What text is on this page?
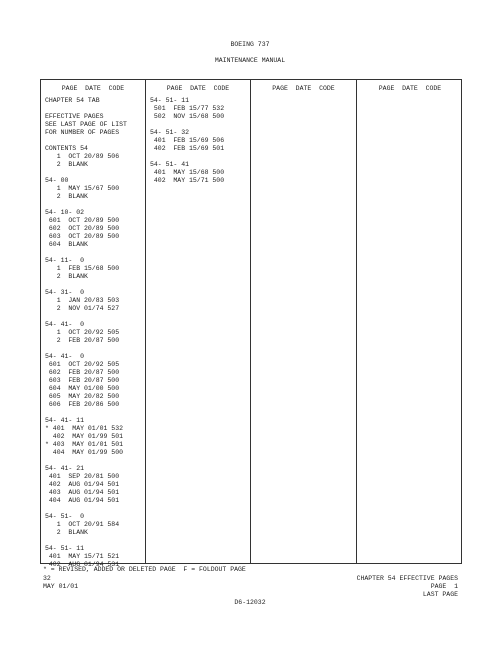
BOEING 737
MAINTENANCE MANUAL
PAGE  DATE  CODE
CHAPTER 54 TAB
EFFECTIVE PAGES
SEE LAST PAGE OF LIST
FOR NUMBER OF PAGES
CONTENTS 54
1  OCT 20/89 506
2  BLANK
54- 00
1  MAY 15/67 500
2  BLANK
54- 10- 02
601  OCT 20/89 500
602  OCT 20/89 500
603  OCT 20/89 500
604  BLANK
54- 11-  0
1  FEB 15/68 500
2  BLANK
54- 31-  0
1  JAN 20/83 503
2  NOV 01/74 527
54- 41-  0
1  OCT 20/92 505
2  FEB 20/87 500
54- 41-  0
601  OCT 20/92 505
602  FEB 20/87 500
603  FEB 20/87 500
604  MAY 01/00 500
605  MAY 20/82 500
606  FEB 20/86 500
54- 41- 11
* 401  MAY 01/01 532
402  MAY 01/99 501
* 403  MAY 01/01 501
404  MAY 01/99 500
54- 41- 21
401  SEP 20/81 500
402  AUG 01/94 501
403  AUG 01/94 501
404  AUG 01/94 501
54- 51-  0
1  OCT 20/91 584
2  BLANK
54- 51- 11
401  MAY 15/71 521
402  AUG 01/94 531
PAGE  DATE  CODE
54- 51- 11
501  FEB 15/77 532
502  NOV 15/68 500
54- 51- 32
401  FEB 15/69 506
402  FEB 15/69 501
54- 51- 41
401  MAY 15/68 500
402  MAY 15/71 500
PAGE  DATE  CODE	PAGE  DATE  CODE
* = REVISED, ADDED OR DELETED PAGE  F = FOLDOUT PAGE
32
MAY 01/01
CHAPTER 54 EFFECTIVE PAGES
PAGE  1
LAST PAGE
D6-12032
